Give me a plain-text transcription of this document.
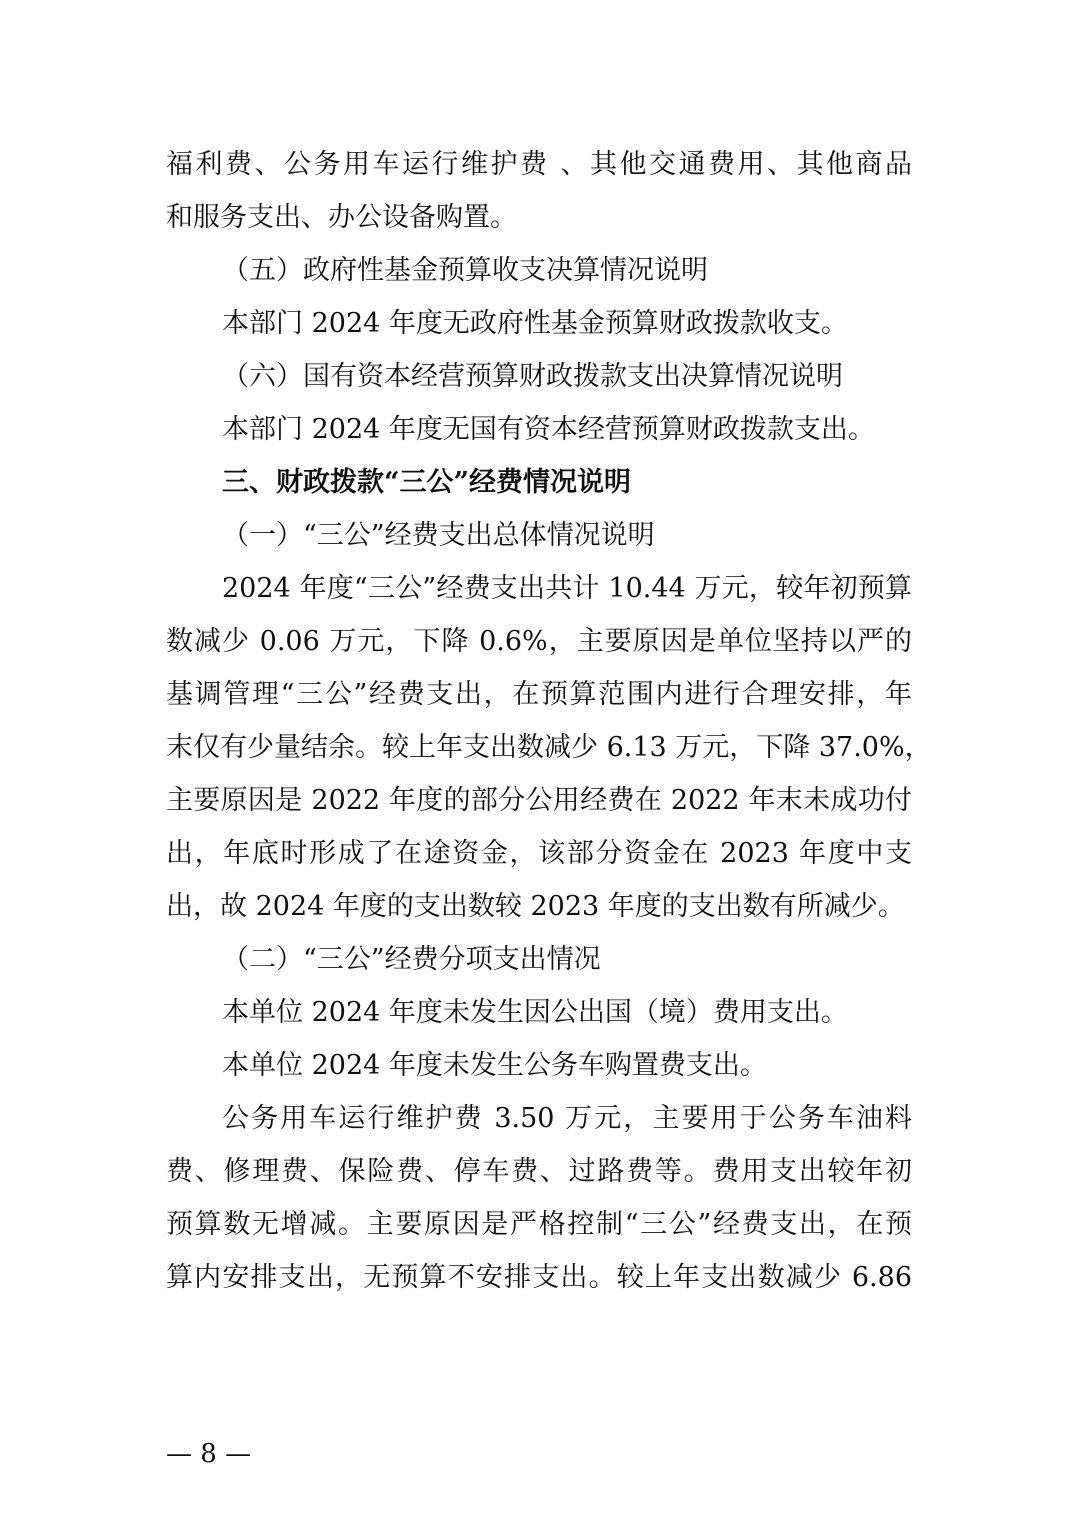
福利费、公务用车运行维护费 、其他交通费用、其他商品
和服务支出、办公设备购置。
（五）政府性基金预算收支决算情况说明
本部门 2024 年度无政府性基金预算财政拨款收支。
（六）国有资本经营预算财政拨款支出决算情况说明
本部门 2024 年度无国有资本经营预算财政拨款支出。
三、财政拨款“三公”经费情况说明
（一）“三公”经费支出总体情况说明
2024 年度“三公”经费支出共计 10.44 万元，较年初预算
数减少 0.06 万元，下降 0.6%，主要原因是单位坚持以严的
基调管理“三公”经费支出，在预算范围内进行合理安排，年
末仅有少量结余。较上年支出数减少 6.13 万元，下降 37.0%，
主要原因是 2022 年度的部分公用经费在 2022 年末未成功付
出，年底时形成了在途资金，该部分资金在 2023 年度中支
出，故 2024 年度的支出数较 2023 年度的支出数有所减少。
（二）“三公”经费分项支出情况
本单位 2024 年度未发生因公出国（境）费用支出。
本单位 2024 年度未发生公务车购置费支出。
公务用车运行维护费 3.50 万元，主要用于公务车油料
费、修理费、保险费、停车费、过路费等。费用支出较年初
预算数无增减。主要原因是严格控制“三公”经费支出，在预
算内安排支出，无预算不安排支出。较上年支出数减少 6.86
— 8 —
